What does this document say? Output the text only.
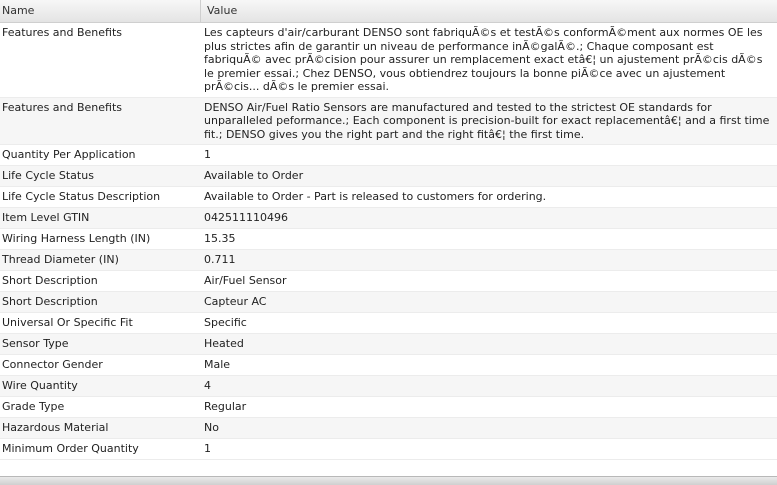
Name	Value
Features and Benefits	Les capteurs d'air/carburant DENSO sont fabriquÃ©s et testÃ©s conformÃ©ment aux normes OE les plus strictes afin de garantir un niveau de performance inÃ©galÃ©.; Chaque composant est fabriquÃ© avec prÃ©cision pour assurer un remplacement exact etâ€¦ un ajustement prÃ©cis dÃ©s le premier essai.; Chez DENSO, vous obtiendrez toujours la bonne piÃ©ce avec un ajustement prÃ©cis... dÃ©s le premier essai.
Features and Benefits	DENSO Air/Fuel Ratio Sensors are manufactured and tested to the strictest OE standards for unparalleled peformance.; Each component is precision-built for exact replacementâ€¦ and a first time fit.; DENSO gives you the right part and the right fitâ€¦ the first time.
Quantity Per Application	1
Life Cycle Status	Available to Order
Life Cycle Status Description	Available to Order - Part is released to customers for ordering.
Item Level GTIN	042511110496
Wiring Harness Length (IN)	15.35
Thread Diameter (IN)	0.711
Short Description	Air/Fuel Sensor
Short Description	Capteur AC
Universal Or Specific Fit	Specific
Sensor Type	Heated
Connector Gender	Male
Wire Quantity	4
Grade Type	Regular
Hazardous Material	No
Minimum Order Quantity	1
